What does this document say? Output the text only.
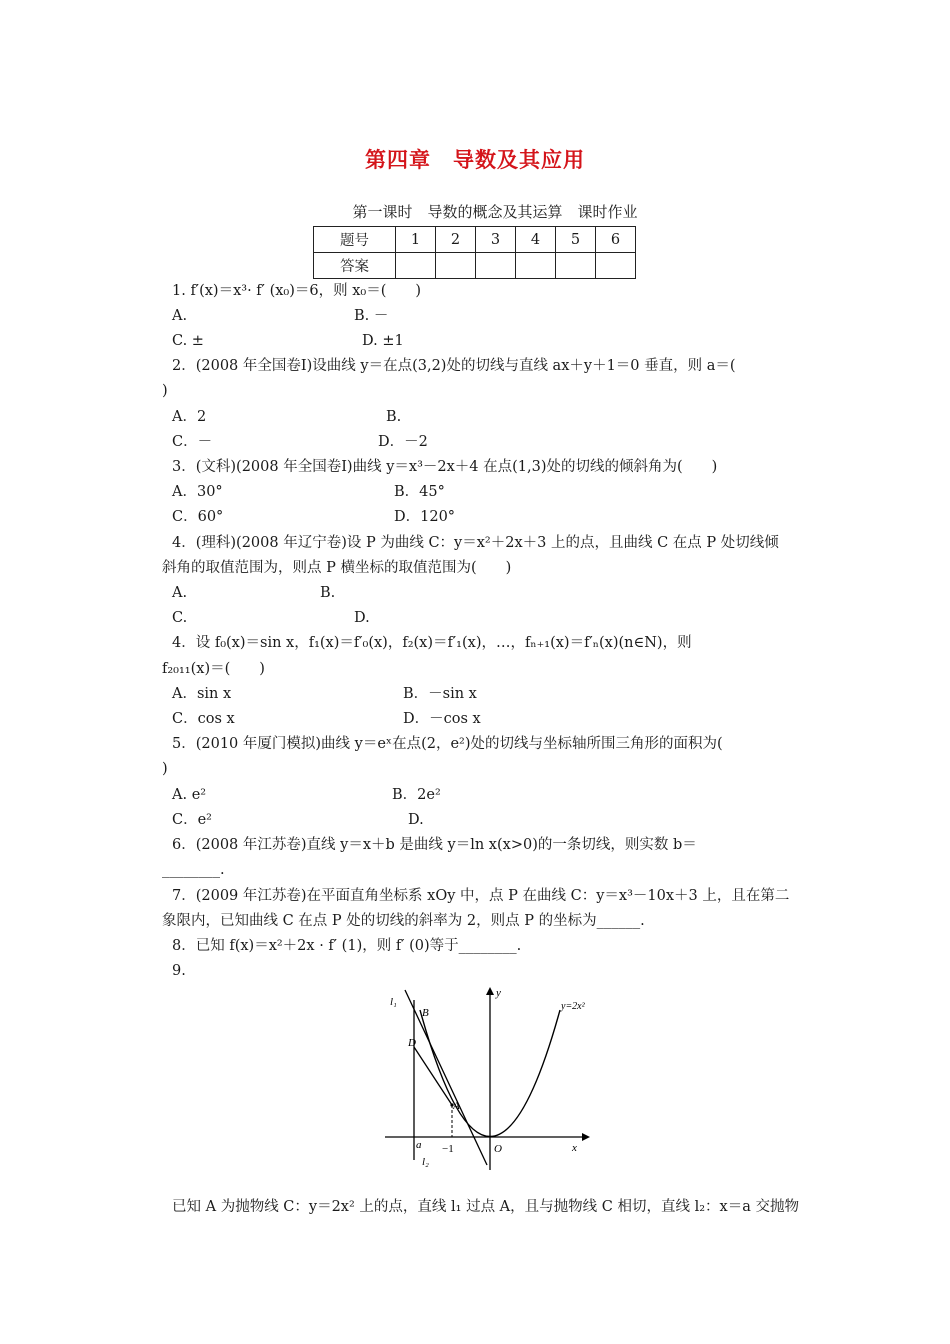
第四章　导数及其应用
第一课时　导数的概念及其运算　课时作业
题号	1	2	3	4	5	6
答案						
1. f′(x)＝x³· f′ (x₀)＝6，则 x₀＝(　　)
A.	B. －
C. ±	D. ±1
2．(2008 年全国卷Ⅰ)设曲线 y＝在点(3,2)处的切线与直线 ax＋y＋1＝0 垂直，则 a＝(
)
A．2	B.
C．－	D．－2
3．(文科)(2008 年全国卷Ⅰ)曲线 y＝x³－2x＋4 在点(1,3)处的切线的倾斜角为(　　)
A．30°	B．45°
C．60°	D．120°
4．(理科)(2008 年辽宁卷)设 P 为曲线 C：y＝x²＋2x＋3 上的点，且曲线 C 在点 P 处切线倾
斜角的取值范围为，则点 P 横坐标的取值范围为(　　)
A.	B.
C.	D.
4．设 f₀(x)＝sin x，f₁(x)＝f′₀(x)，f₂(x)＝f′₁(x)，…，fₙ₊₁(x)＝f′ₙ(x)(n∈N)，则
f₂₀₁₁(x)＝(　　)
A．sin x	B．－sin x
C．cos x	D．－cos x
5．(2010 年厦门模拟)曲线 y＝eˣ在点(2，e²)处的切线与坐标轴所围三角形的面积为(
)
A. e²	B．2e²
C．e²	D.
6．(2008 年江苏卷)直线 y＝x＋b 是曲线 y＝ln x(x>0)的一条切线，则实数 b＝
________.
7．(2009 年江苏卷)在平面直角坐标系 xOy 中，点 P 在曲线 C：y＝x³－10x＋3 上，且在第二
象限内，已知曲线 C 在点 P 处的切线的斜率为 2，则点 P 的坐标为______.
8．已知 f(x)＝x²＋2x · f′ (1)，则 f′ (0)等于________.
9.
y
x
O
l₁
B
D
A
a −1
l₂
y=2x²
已知 A 为抛物线 C：y＝2x² 上的点，直线 l₁ 过点 A，且与抛物线 C 相切，直线 l₂：x＝a 交抛物
